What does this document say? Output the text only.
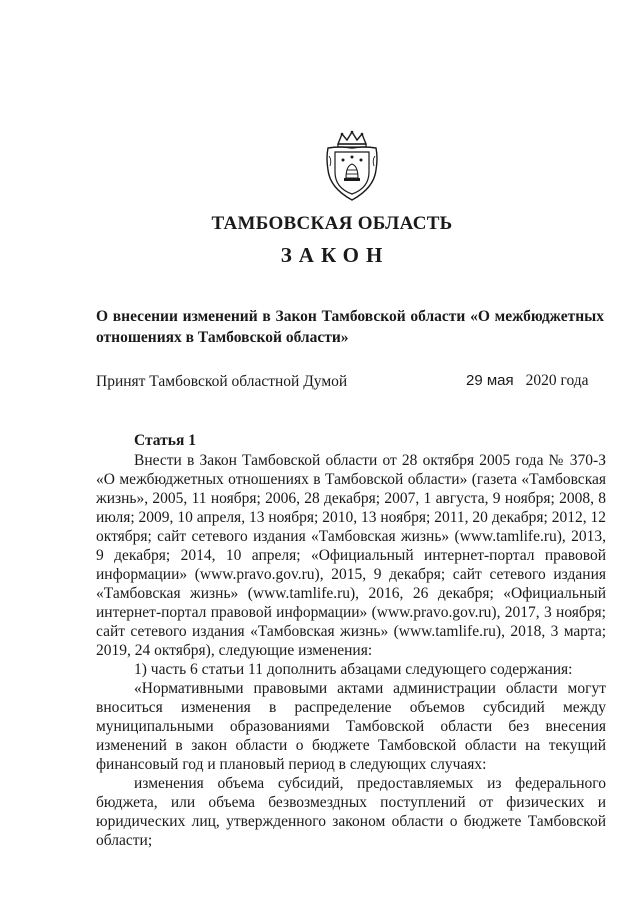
ТАМБОВСКАЯ ОБЛАСТЬ
ЗАКОН
О внесении изменений в Закон Тамбовской области «О межбюджетных отношениях в Тамбовской области»
Принят Тамбовской областной Думой	29 мая 2020 года
Статья 1

Внести в Закон Тамбовской области от 28 октября 2005 года № 370-З «О межбюджетных отношениях в Тамбовской области» (газета «Тамбовская жизнь», 2005, 11 ноября; 2006, 28 декабря; 2007, 1 августа, 9 ноября; 2008, 8 июля; 2009, 10 апреля, 13 ноября; 2010, 13 ноября; 2011, 20 декабря; 2012, 12 октября; сайт сетевого издания «Тамбовская жизнь» (www.tamlife.ru), 2013, 9 декабря; 2014, 10 апреля; «Официальный интернет-портал правовой информации» (www.pravo.gov.ru), 2015, 9 декабря; сайт сетевого издания «Тамбовская жизнь» (www.tamlife.ru), 2016, 26 декабря; «Официальный интернет-портал правовой информации» (www.pravo.gov.ru), 2017, 3 ноября; сайт сетевого издания «Тамбовская жизнь» (www.tamlife.ru), 2018, 3 марта; 2019, 24 октября), следующие изменения:

1) часть 6 статьи 11 дополнить абзацами следующего содержания:

«Нормативными правовыми актами администрации области могут вноситься изменения в распределение объемов субсидий между муниципальными образованиями Тамбовской области без внесения изменений в закон области о бюджете Тамбовской области на текущий финансовый год и плановый период в следующих случаях:

изменения объема субсидий, предоставляемых из федерального бюджета, или объема безвозмездных поступлений от физических и юридических лиц, утвержденного законом области о бюджете Тамбовской области;
